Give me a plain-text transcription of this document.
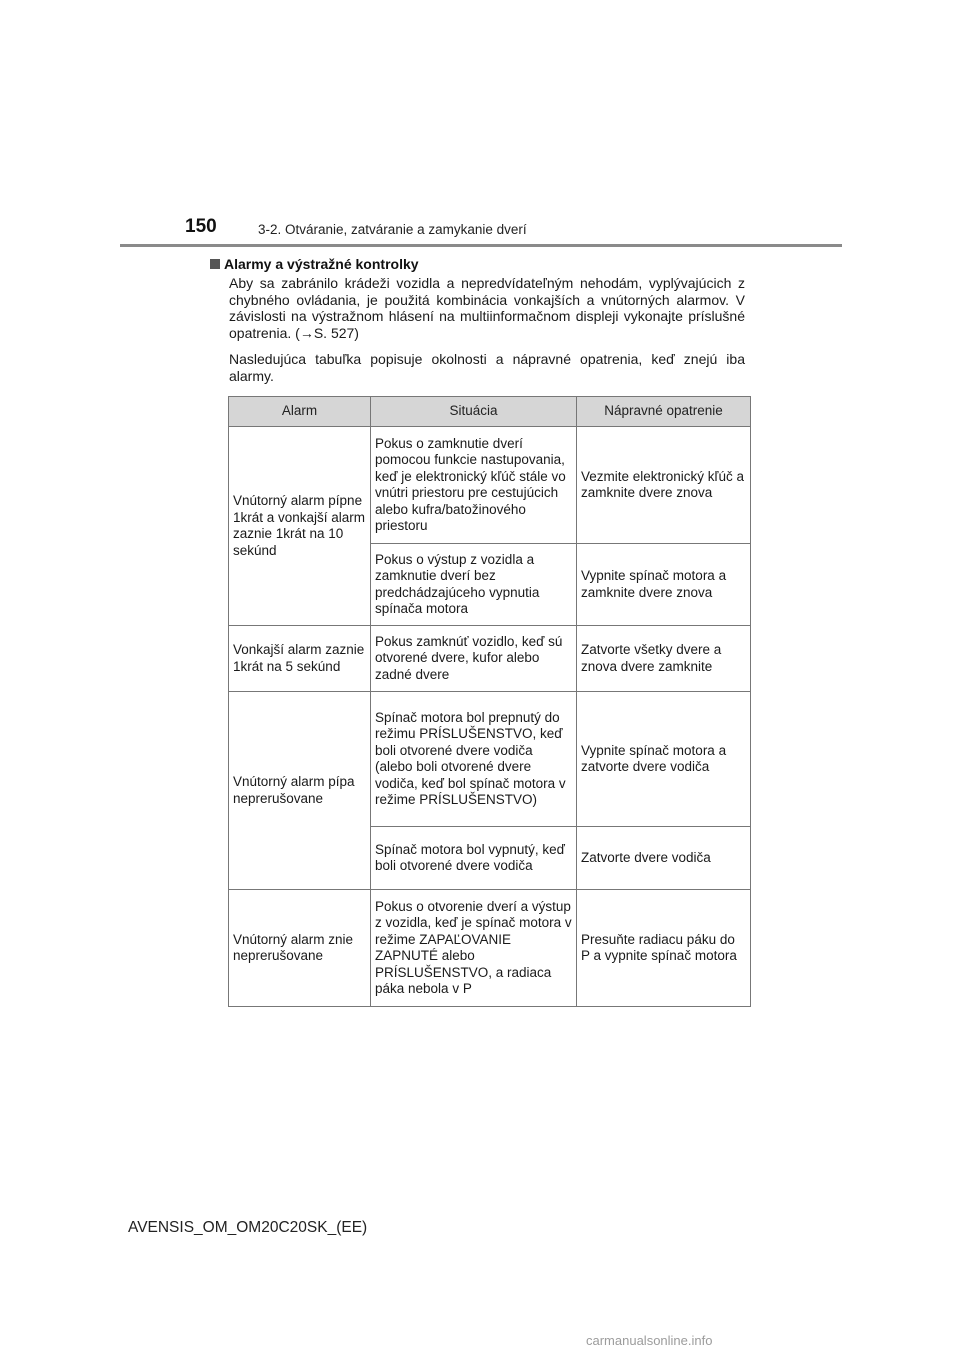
150	3-2. Otváranie, zatváranie a zamykanie dverí
Alarmy a výstražné kontrolky
Aby sa zabránilo krádeži vozidla a nepredvídateľným nehodám, vyplývajúcich z chybného ovládania, je použitá kombinácia vonkajších a vnútorných alarmov. V závislosti na výstražnom hlásení na multiinformačnom displeji vykonajte príslušné opatrenia. (→S. 527)
Nasledujúca tabuľka popisuje okolnosti a nápravné opatrenia, keď znejú iba alarmy.
Alarm	Situácia	Nápravné opatrenie
Vnútorný alarm pípne 1krát a vonkajší alarm zaznie 1krát na 10 sekúnd	Pokus o zamknutie dverí pomocou funkcie nastupovania, keď je elektronický kľúč stále vo vnútri priestoru pre cestujúcich alebo kufra/batožinového priestoru	Vezmite elektronický kľúč a zamknite dvere znova
	Pokus o výstup z vozidla a zamknutie dverí bez predchádzajúceho vypnutia spínača motora	Vypnite spínač motora a zamknite dvere znova
Vonkajší alarm zaznie 1krát na 5 sekúnd	Pokus zamknúť vozidlo, keď sú otvorené dvere, kufor alebo zadné dvere	Zatvorte všetky dvere a znova dvere zamknite
Vnútorný alarm pípa neprerušovane	Spínač motora bol prepnutý do režimu PRÍSLUŠENSTVO, keď boli otvorené dvere vodiča (alebo boli otvorené dvere vodiča, keď bol spínač motora v režime PRÍSLUŠENSTVO)	Vypnite spínač motora a zatvorte dvere vodiča
	Spínač motora bol vypnutý, keď boli otvorené dvere vodiča	Zatvorte dvere vodiča
Vnútorný alarm znie neprerušovane	Pokus o otvorenie dverí a výstup z vozidla, keď je spínač motora v režime ZAPAĽOVANIE ZAPNUTÉ alebo PRÍSLUŠENSTVO, a radiaca páka nebola v P	Presuňte radiacu páku do P a vypnite spínač motora
AVENSIS_OM_OM20C20SK_(EE)
carmanualsonline.info
